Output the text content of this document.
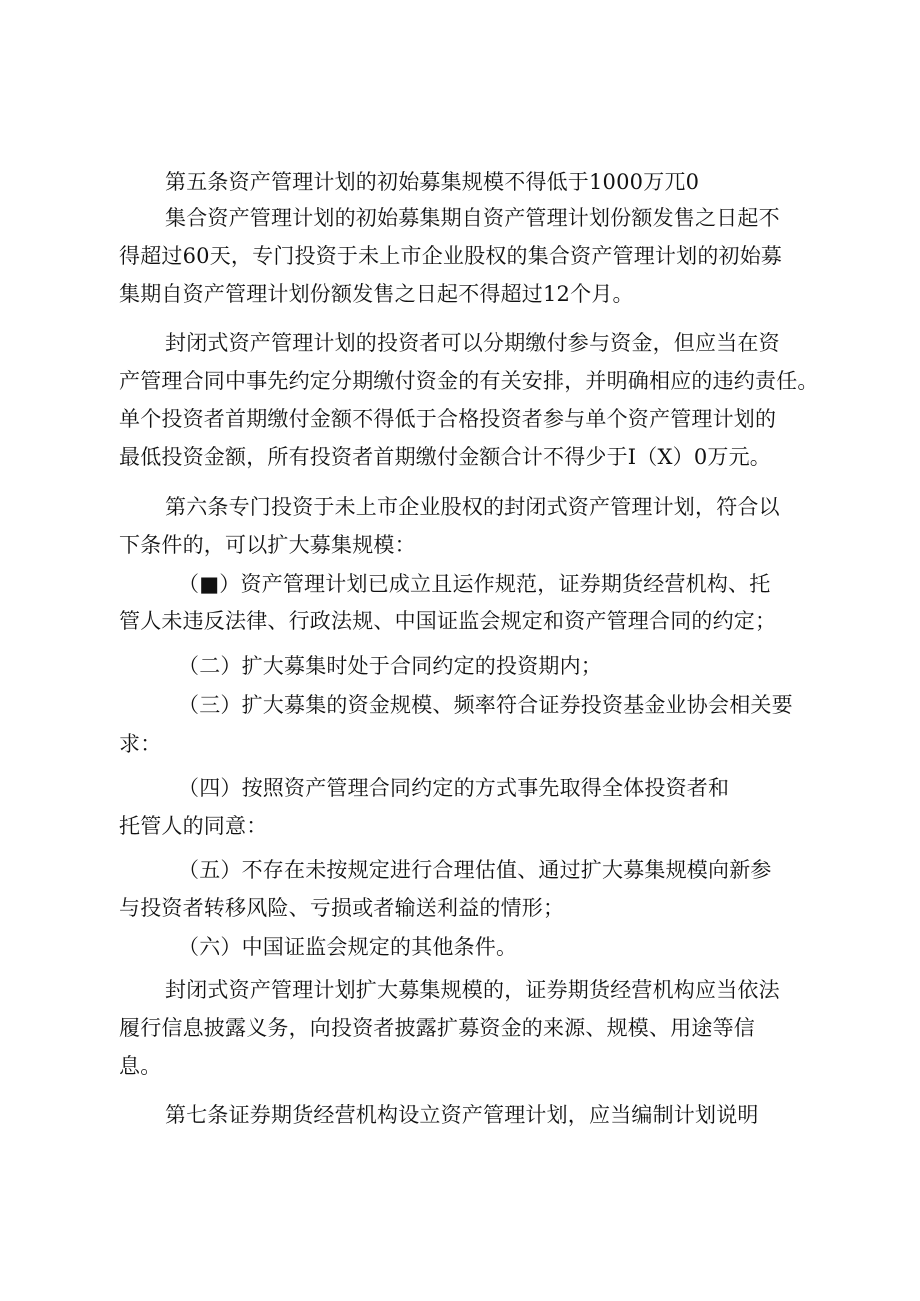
第五条资产管理计划的初始募集规模不得低于1000万兀0
集合资产管理计划的初始募集期自资产管理计划份额发售之日起不
得超过60天，专门投资于未上市企业股权的集合资产管理计划的初始募
集期自资产管理计划份额发售之日起不得超过12个月。
封闭式资产管理计划的投资者可以分期缴付参与资金，但应当在资
产管理合同中事先约定分期缴付资金的有关安排，并明确相应的违约责任。
单个投资者首期缴付金额不得低于合格投资者参与单个资产管理计划的
最低投资金额，所有投资者首期缴付金额合计不得少于I（X）0万元。
第六条专门投资于未上市企业股权的封闭式资产管理计划，符合以
下条件的，可以扩大募集规模：
（■）资产管理计划已成立且运作规范，证券期货经营机构、托
管人未违反法律、行政法规、中国证监会规定和资产管理合同的约定；
（二）扩大募集时处于合同约定的投资期内；
（三）扩大募集的资金规模、频率符合证券投资基金业协会相关要
求：
（四）按照资产管理合同约定的方式事先取得全体投资者和
托管人的同意：
（五）不存在未按规定进行合理估值、通过扩大募集规模向新参
与投资者转移风险、亏损或者输送利益的情形；
（六）中国证监会规定的其他条件。
封闭式资产管理计划扩大募集规模的，证券期货经营机构应当依法
履行信息披露义务，向投资者披露扩募资金的来源、规模、用途等信
息。
第七条证券期货经营机构设立资产管理计划，应当编制计划说明
